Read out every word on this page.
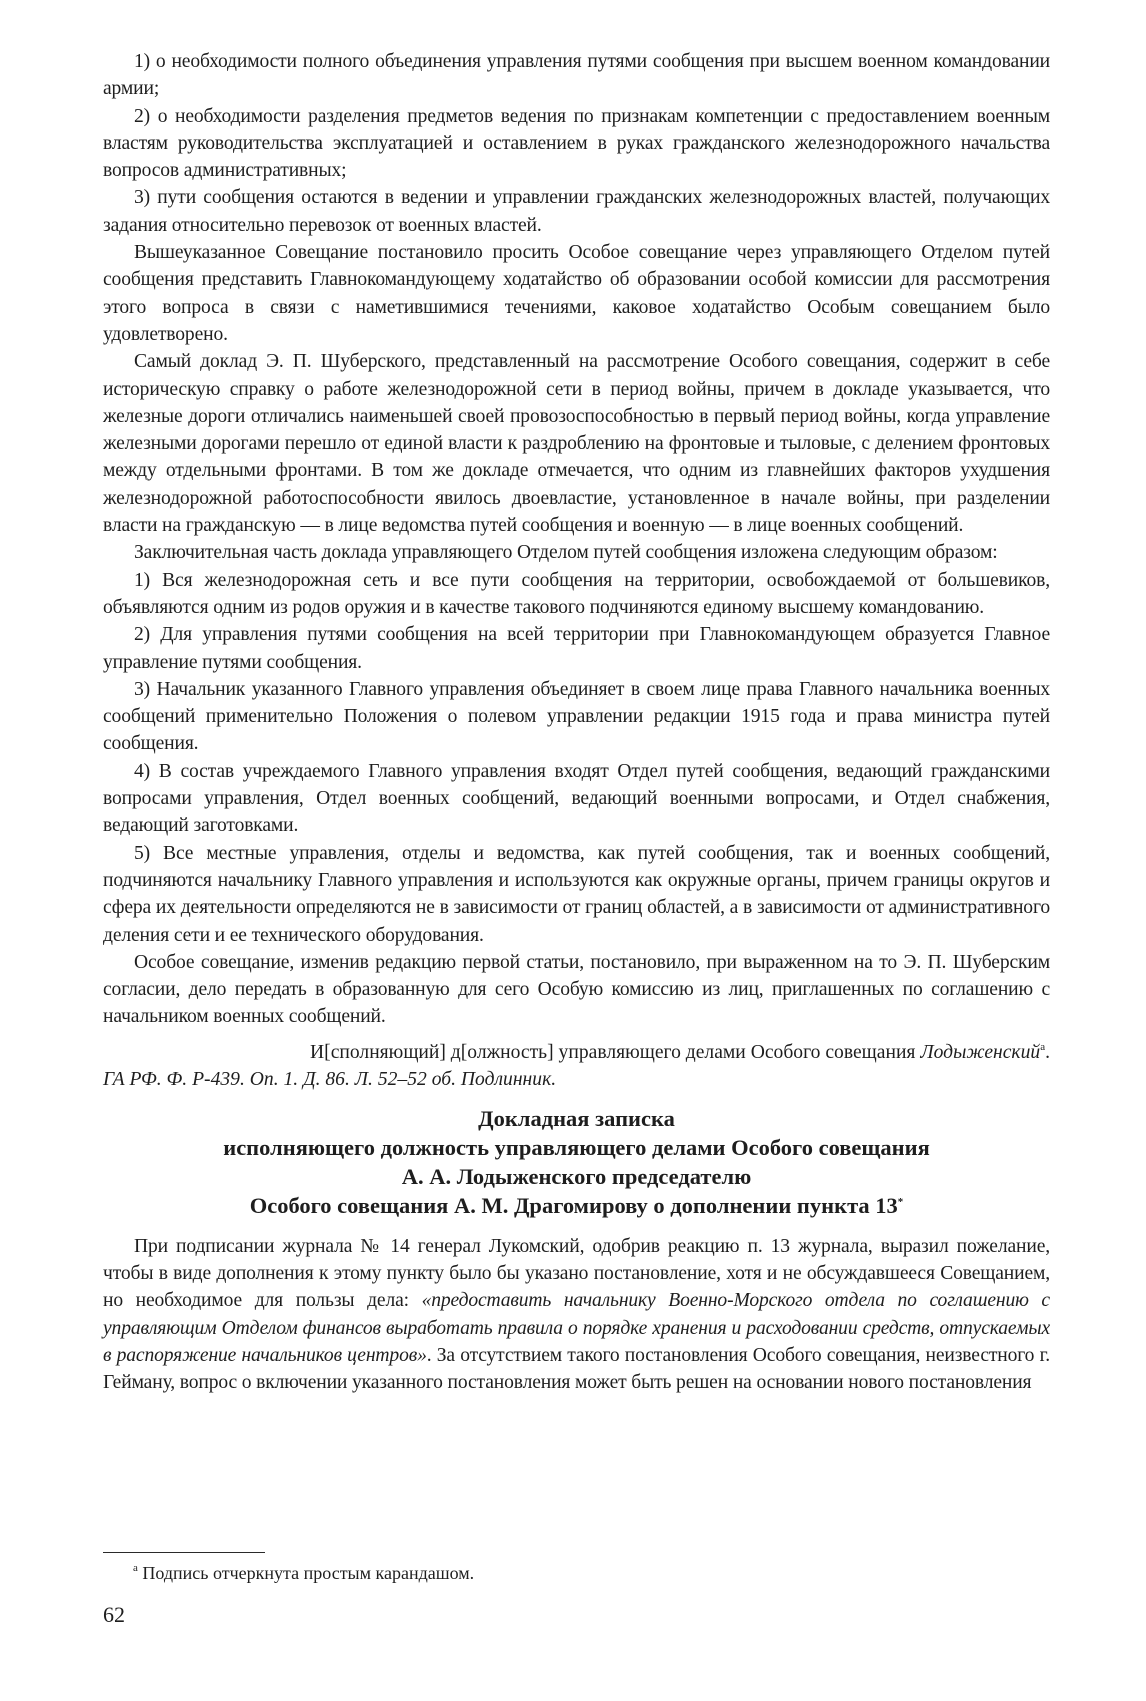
1) о необходимости полного объединения управления путями сообщения при высшем военном командовании армии;

2) о необходимости разделения предметов ведения по признакам компетенции с предоставлением военным властям руководительства эксплуатацией и оставлением в руках гражданского железнодорожного начальства вопросов административных;

3) пути сообщения остаются в ведении и управлении гражданских железнодорожных властей, получающих задания относительно перевозок от военных властей.

Вышеуказанное Совещание постановило просить Особое совещание через управляющего Отделом путей сообщения представить Главнокомандующему ходатайство об образовании особой комиссии для рассмотрения этого вопроса в связи с наметившимися течениями, каковое ходатайство Особым совещанием было удовлетворено.

Самый доклад Э. П. Шуберского, представленный на рассмотрение Особого совещания, содержит в себе историческую справку о работе железнодорожной сети в период войны, причем в докладе указывается, что железные дороги отличались наименьшей своей провозоспособностью в первый период войны, когда управление железными дорогами перешло от единой власти к раздроблению на фронтовые и тыловые, с делением фронтовых между отдельными фронтами. В том же докладе отмечается, что одним из главнейших факторов ухудшения железнодорожной работоспособности явилось двоевластие, установленное в начале войны, при разделении власти на гражданскую — в лице ведомства путей сообщения и военную — в лице военных сообщений.

Заключительная часть доклада управляющего Отделом путей сообщения изложена следующим образом:

1) Вся железнодорожная сеть и все пути сообщения на территории, освобождаемой от большевиков, объявляются одним из родов оружия и в качестве такового подчиняются единому высшему командованию.

2) Для управления путями сообщения на всей территории при Главнокомандующем образуется Главное управление путями сообщения.

3) Начальник указанного Главного управления объединяет в своем лице права Главного начальника военных сообщений применительно Положения о полевом управлении редакции 1915 года и права министра путей сообщения.

4) В состав учреждаемого Главного управления входят Отдел путей сообщения, ведающий гражданскими вопросами управления, Отдел военных сообщений, ведающий военными вопросами, и Отдел снабжения, ведающий заготовками.

5) Все местные управления, отделы и ведомства, как путей сообщения, так и военных сообщений, подчиняются начальнику Главного управления и используются как окружные органы, причем границы округов и сфера их деятельности определяются не в зависимости от границ областей, а в зависимости от административного деления сети и ее технического оборудования.

Особое совещание, изменив редакцию первой статьи, постановило, при выраженном на то Э. П. Шуберским согласии, дело передать в образованную для сего Особую комиссию из лиц, приглашенных по соглашению с начальником военных сообщений.

И[сполняющий] д[олжность] управляющего делами Особого совещания Лодыженский$^а$.

ГА РФ. Ф. Р-439. Оп. 1. Д. 86. Л. 52–52 об. Подлинник.

Докладная записка
исполняющего должность управляющего делами Особого совещания
А. А. Лодыженского председателю
Особого совещания А. М. Драгомирову о дополнении пункта 13*

При подписании журнала № 14 генерал Лукомский, одобрив реакцию п. 13 журнала, выразил пожелание, чтобы в виде дополнения к этому пункту было бы указано постановление, хотя и не обсуждавшееся Совещанием, но необходимое для пользы дела: «предоставить начальнику Военно-Морского отдела по соглашению с управляющим Отделом финансов выработать правила о порядке хранения и расходовании средств, отпускаемых в распоряжение начальников центров». За отсутствием такого постановления Особого совещания, неизвестного г. Гейману, вопрос о включении указанного постановления может быть решен на основании нового постановления

$^а$ Подпись отчеркнута простым карандашом.
62
